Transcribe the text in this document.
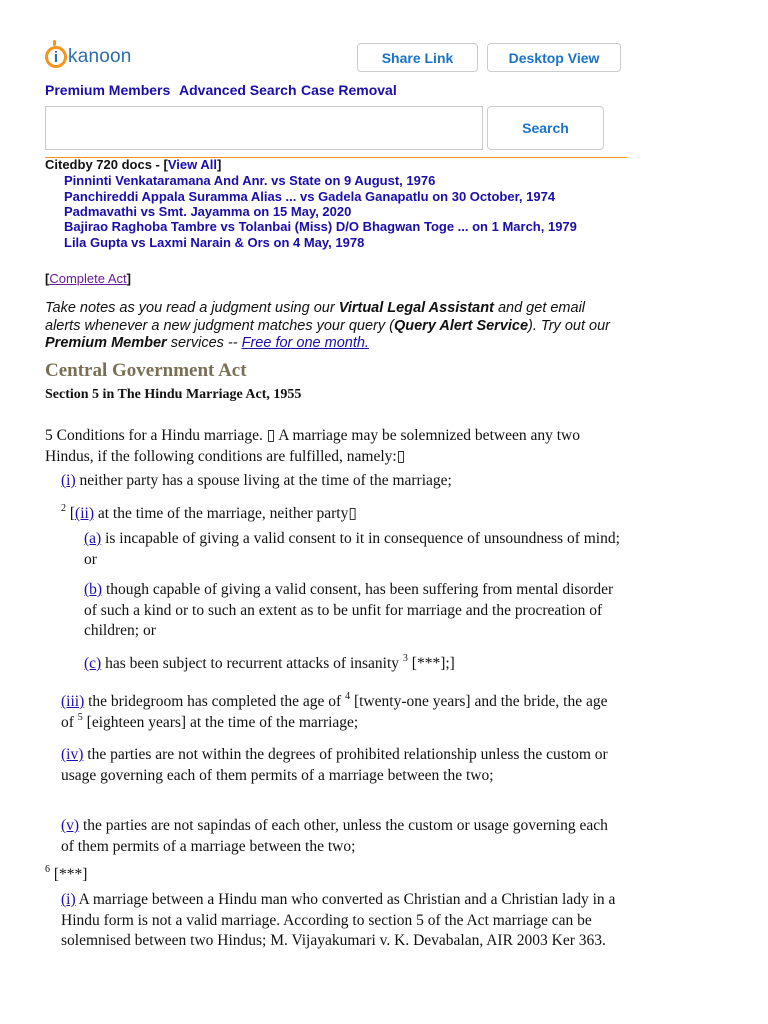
i kanoon	Share Link	Desktop View
Premium Members Advanced Search Case Removal
Search
Citedby 720 docs - [View All]
Pinninti Venkataramana And Anr. vs State on 9 August, 1976
Panchireddi Appala Suramma Alias ... vs Gadela Ganapatlu on 30 October, 1974
Padmavathi vs Smt. Jayamma on 15 May, 2020
Bajirao Raghoba Tambre vs Tolanbai (Miss) D/O Bhagwan Toge ... on 1 March, 1979
Lila Gupta vs Laxmi Narain & Ors on 4 May, 1978
[Complete Act]
Take notes as you read a judgment using our Virtual Legal Assistant and get email alerts whenever a new judgment matches your query (Query Alert Service). Try out our Premium Member services -- Free for one month.
Central Government Act
Section 5 in The Hindu Marriage Act, 1955
5 Conditions for a Hindu marriage. ▯ A marriage may be solemnized between any two Hindus, if the following conditions are fulfilled, namely:▯
(i) neither party has a spouse living at the time of the marriage;
$^2$ [(ii) at the time of the marriage, neither party▯
(a) is incapable of giving a valid consent to it in consequence of unsoundness of mind; or
(b) though capable of giving a valid consent, has been suffering from mental disorder of such a kind or to such an extent as to be unfit for marriage and the procreation of children; or
(c) has been subject to recurrent attacks of insanity $^3$ [***];]
(iii) the bridegroom has completed the age of $^4$ [twenty-one years] and the bride, the age of $^5$ [eighteen years] at the time of the marriage;
(iv) the parties are not within the degrees of prohibited relationship unless the custom or usage governing each of them permits of a marriage between the two;
(v) the parties are not sapindas of each other, unless the custom or usage governing each of them permits of a marriage between the two;
$^6$ [***]
(i) A marriage between a Hindu man who converted as Christian and a Christian lady in a Hindu form is not a valid marriage. According to section 5 of the Act marriage can be solemnised between two Hindus; M. Vijayakumari v. K. Devabalan, AIR 2003 Ker 363.
